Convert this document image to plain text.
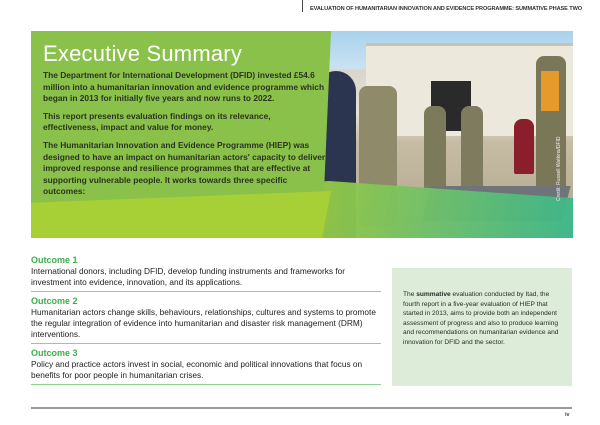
EVALUATION OF HUMANITARIAN INNOVATION AND EVIDENCE PROGRAMME: SUMMATIVE PHASE TWO
Executive Summary

The Department for International Development (DFID) invested £54.6 million into a humanitarian innovation and evidence programme which began in 2013 for initially five years and now runs to 2022.

This report presents evaluation findings on its relevance, effectiveness, impact and value for money.

The Humanitarian Innovation and Evidence Programme (HIEP) was designed to have an impact on humanitarian actors' capacity to deliver improved response and resilience programmes that are effective at supporting vulnerable people. It works towards three specific outcomes:	Credit: Russell Watkins/DFID

Outcome 1

International donors, including DFID, develop funding instruments and frameworks for investment into evidence, innovation, and its applications.

Outcome 2

Humanitarian actors change skills, behaviours, relationships, cultures and systems to promote the regular integration of evidence into humanitarian and disaster risk management (DRM) interventions.

Outcome 3

Policy and practice actors invest in social, economic and political innovations that focus on benefits for poor people in humanitarian crises.

The summative evaluation conducted by Itad, the fourth report in a five-year evaluation of HIEP that started in 2013, aims to provide both an independent assessment of progress and also to produce learning and recommendations on humanitarian evidence and innovation for DFID and the sector.
iv
